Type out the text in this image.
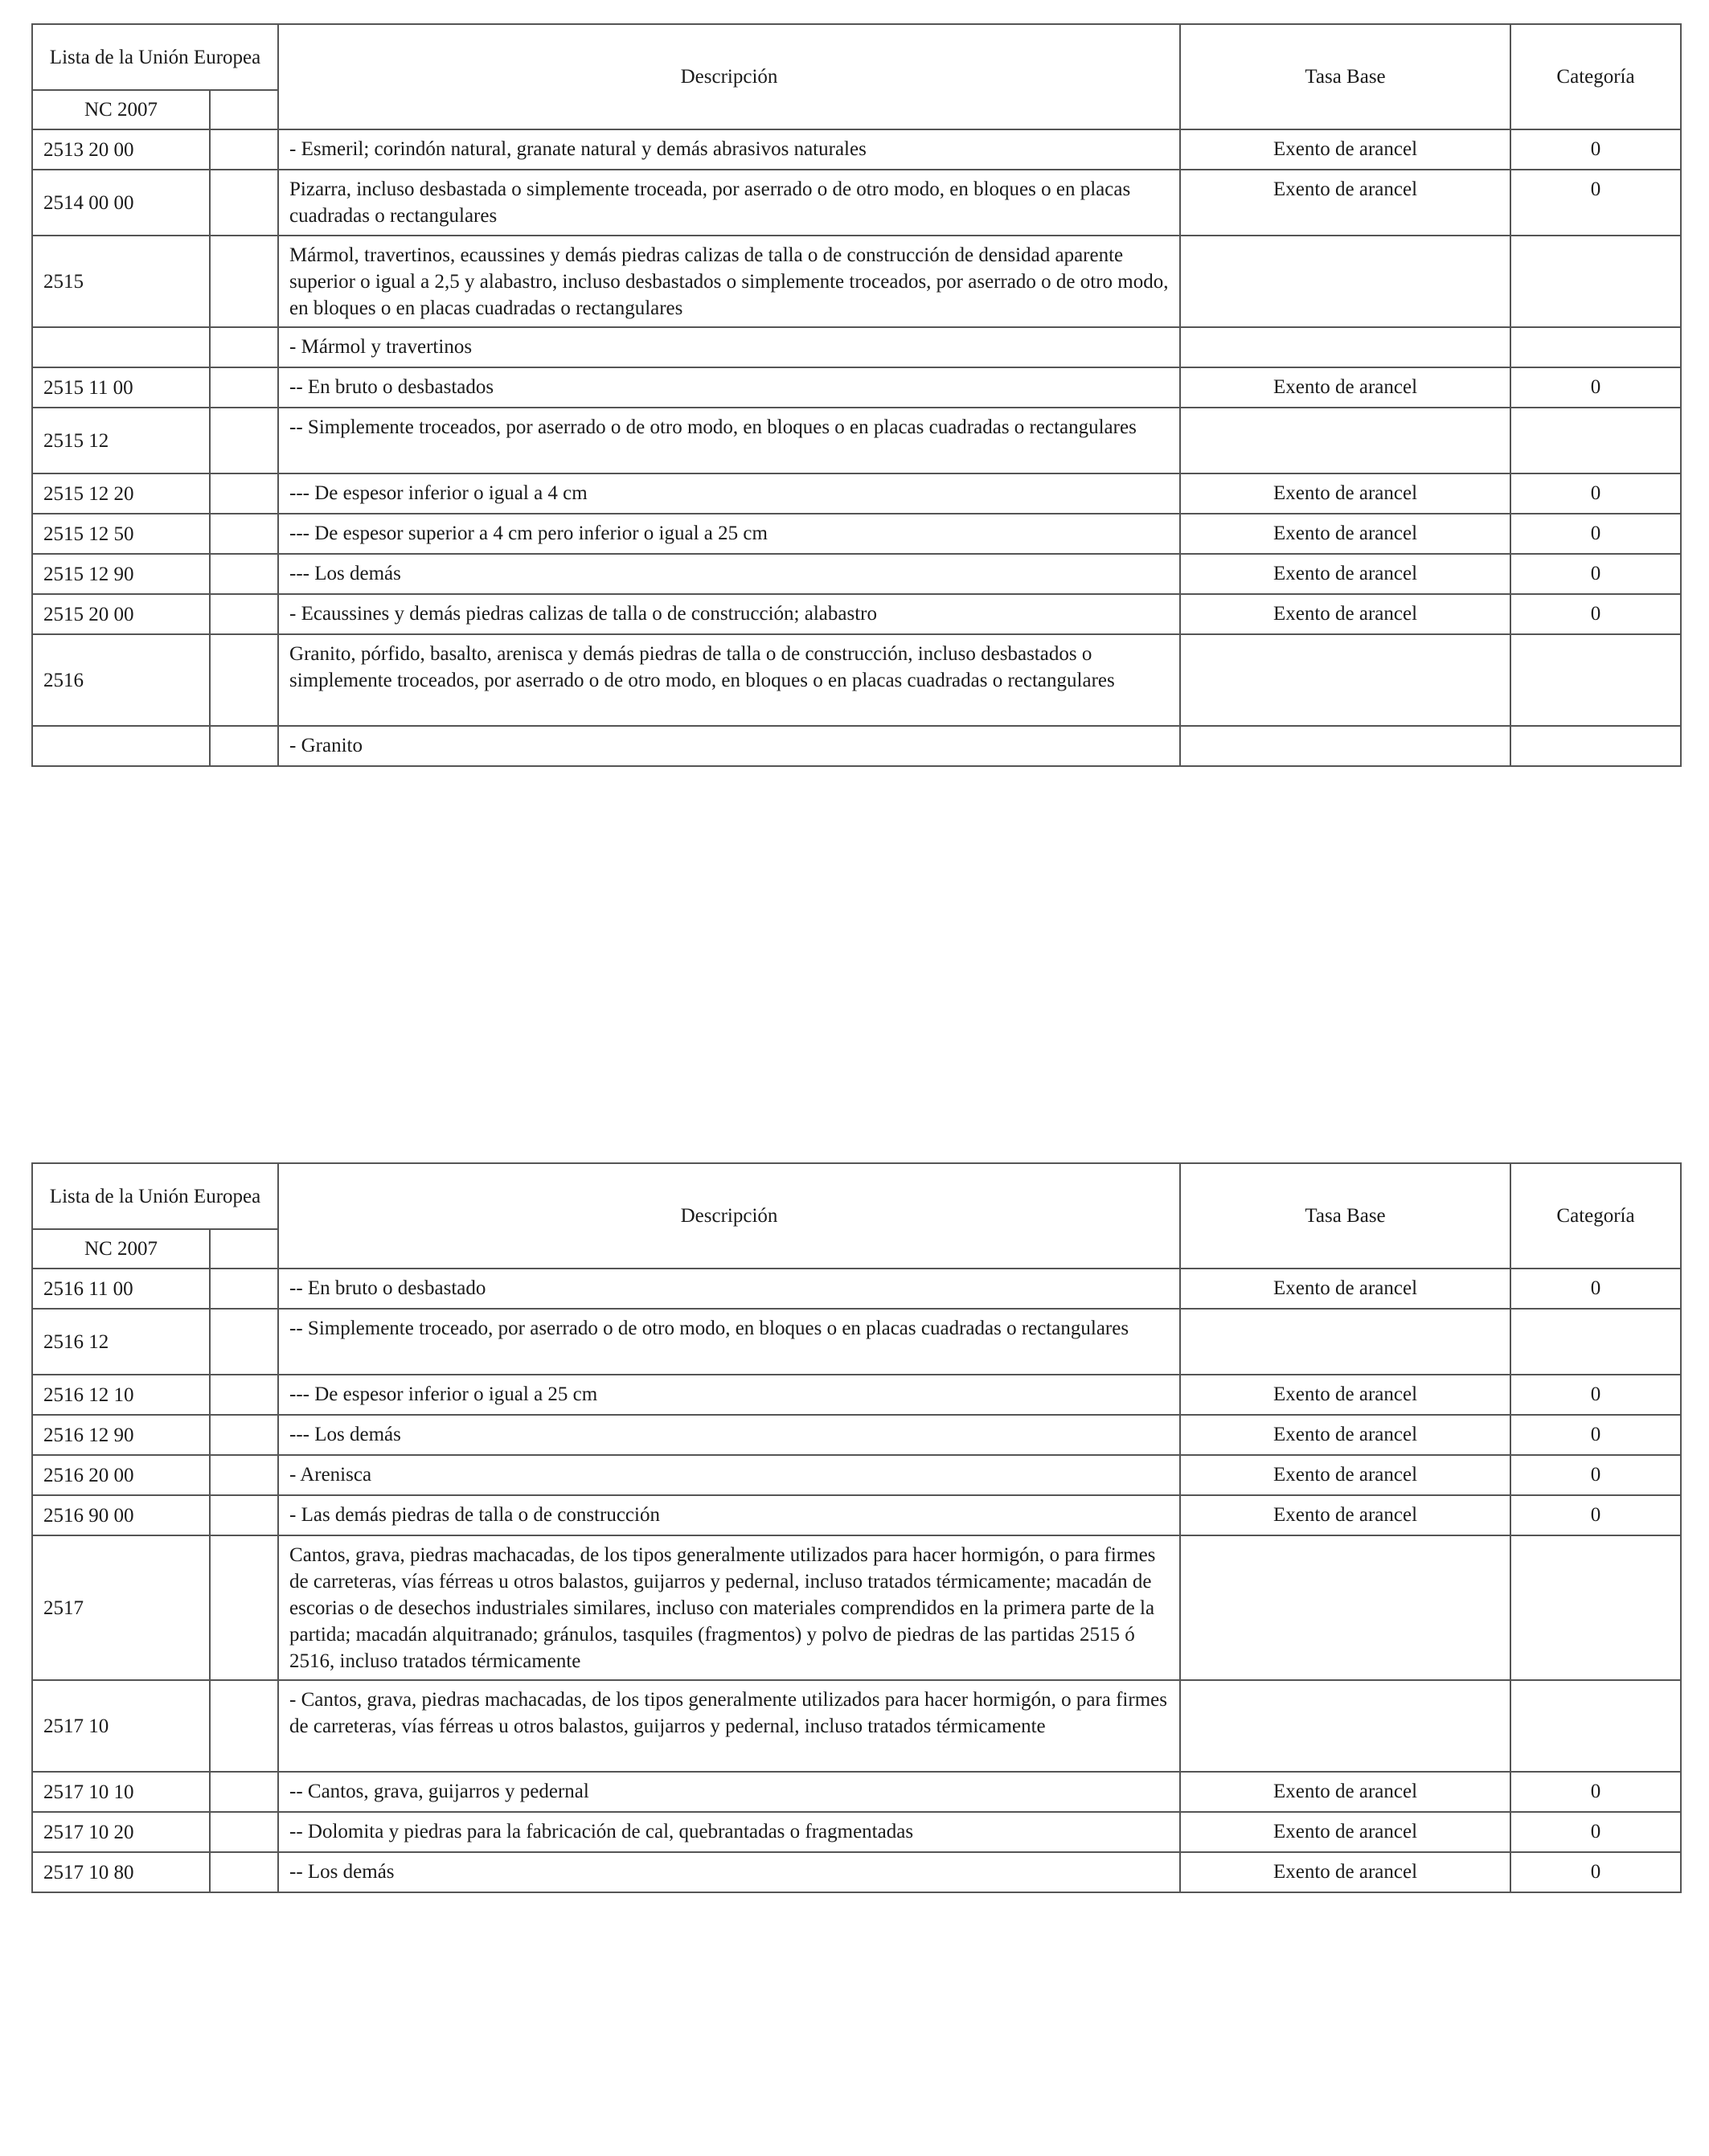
Lista de la Unión Europea		Descripción	Tasa Base	Categoría
NC 2007				
2513 20 00		- Esmeril; corindón natural, granate natural y demás abrasivos naturales	Exento de arancel	0
2514 00 00		Pizarra, incluso desbastada o simplemente troceada, por aserrado o de otro modo, en bloques o en placas cuadradas o rectangulares	Exento de arancel	0
2515		Mármol, travertinos, ecaussines y demás piedras calizas de talla o de construcción de densidad aparente superior o igual a 2,5 y alabastro, incluso desbastados o simplemente troceados, por aserrado o de otro modo, en bloques o en placas cuadradas o rectangulares		
		- Mármol y travertinos		
2515 11 00		-- En bruto o desbastados	Exento de arancel	0
2515 12		-- Simplemente troceados, por aserrado o de otro modo, en bloques o en placas cuadradas o rectangulares		
2515 12 20		--- De espesor inferior o igual a 4 cm	Exento de arancel	0
2515 12 50		--- De espesor superior a 4 cm pero inferior o igual a 25 cm	Exento de arancel	0
2515 12 90		--- Los demás	Exento de arancel	0
2515 20 00		- Ecaussines y demás piedras calizas de talla o de construcción; alabastro	Exento de arancel	0
2516		Granito, pórfido, basalto, arenisca y demás piedras de talla o de construcción, incluso desbastados o simplemente troceados, por aserrado o de otro modo, en bloques o en placas cuadradas o rectangulares		
		- Granito		
Lista de la Unión Europea		Descripción	Tasa Base	Categoría
NC 2007				
2516 11 00		-- En bruto o desbastado	Exento de arancel	0
2516 12		-- Simplemente troceado, por aserrado o de otro modo, en bloques o en placas cuadradas o rectangulares		
2516 12 10		--- De espesor inferior o igual a 25 cm	Exento de arancel	0
2516 12 90		--- Los demás	Exento de arancel	0
2516 20 00		- Arenisca	Exento de arancel	0
2516 90 00		- Las demás piedras de talla o de construcción	Exento de arancel	0
2517		Cantos, grava, piedras machacadas, de los tipos generalmente utilizados para hacer hormigón, o para firmes de carreteras, vías férreas u otros balastos, guijarros y pedernal, incluso tratados térmicamente; macadán de escorias o de desechos industriales similares, incluso con materiales comprendidos en la primera parte de la partida; macadán alquitranado; gránulos, tasquiles (fragmentos) y polvo de piedras de las partidas 2515 ó 2516, incluso tratados térmicamente		
2517 10		- Cantos, grava, piedras machacadas, de los tipos generalmente utilizados para hacer hormigón, o para firmes de carreteras, vías férreas u otros balastos, guijarros y pedernal, incluso tratados térmicamente		
2517 10 10		-- Cantos, grava, guijarros y pedernal	Exento de arancel	0
2517 10 20		-- Dolomita y piedras para la fabricación de cal, quebrantadas o fragmentadas	Exento de arancel	0
2517 10 80		-- Los demás	Exento de arancel	0
